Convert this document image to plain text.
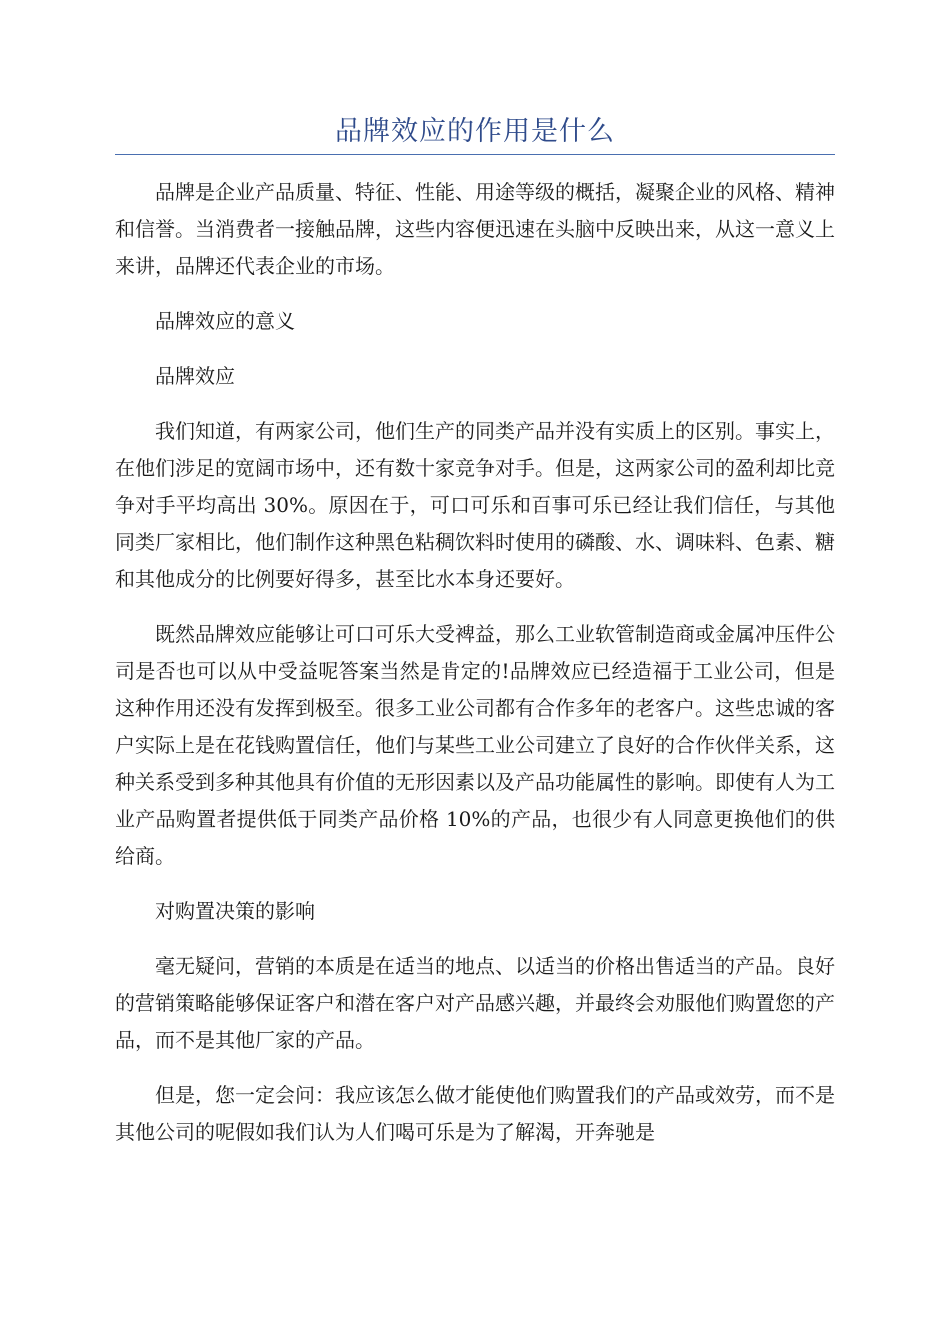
品牌效应的作用是什么

品牌是企业产品质量、特征、性能、用途等级的概括，凝聚企业的风格、精神和信誉。当消费者一接触品牌，这些内容便迅速在头脑中反映出来，从这一意义上来讲，品牌还代表企业的市场。

品牌效应的意义

品牌效应

我们知道，有两家公司，他们生产的同类产品并没有实质上的区别。事实上，在他们涉足的宽阔市场中，还有数十家竞争对手。但是，这两家公司的盈利却比竞争对手平均高出 30%。原因在于，可口可乐和百事可乐已经让我们信任，与其他同类厂家相比，他们制作这种黑色粘稠饮料时使用的磷酸、水、调味料、色素、糖和其他成分的比例要好得多，甚至比水本身还要好。

既然品牌效应能够让可口可乐大受裨益，那么工业软管制造商或金属冲压件公司是否也可以从中受益呢答案当然是肯定的!品牌效应已经造福于工业公司，但是这种作用还没有发挥到极至。很多工业公司都有合作多年的老客户。这些忠诚的客户实际上是在花钱购置信任，他们与某些工业公司建立了良好的合作伙伴关系，这种关系受到多种其他具有价值的无形因素以及产品功能属性的影响。即使有人为工业产品购置者提供低于同类产品价格 10%的产品，也很少有人同意更换他们的供给商。

对购置决策的影响

毫无疑问，营销的本质是在适当的地点、以适当的价格出售适当的产品。良好的营销策略能够保证客户和潜在客户对产品感兴趣，并最终会劝服他们购置您的产品，而不是其他厂家的产品。

但是，您一定会问：我应该怎么做才能使他们购置我们的产品或效劳，而不是其他公司的呢假如我们认为人们喝可乐是为了解渴，开奔驰是
